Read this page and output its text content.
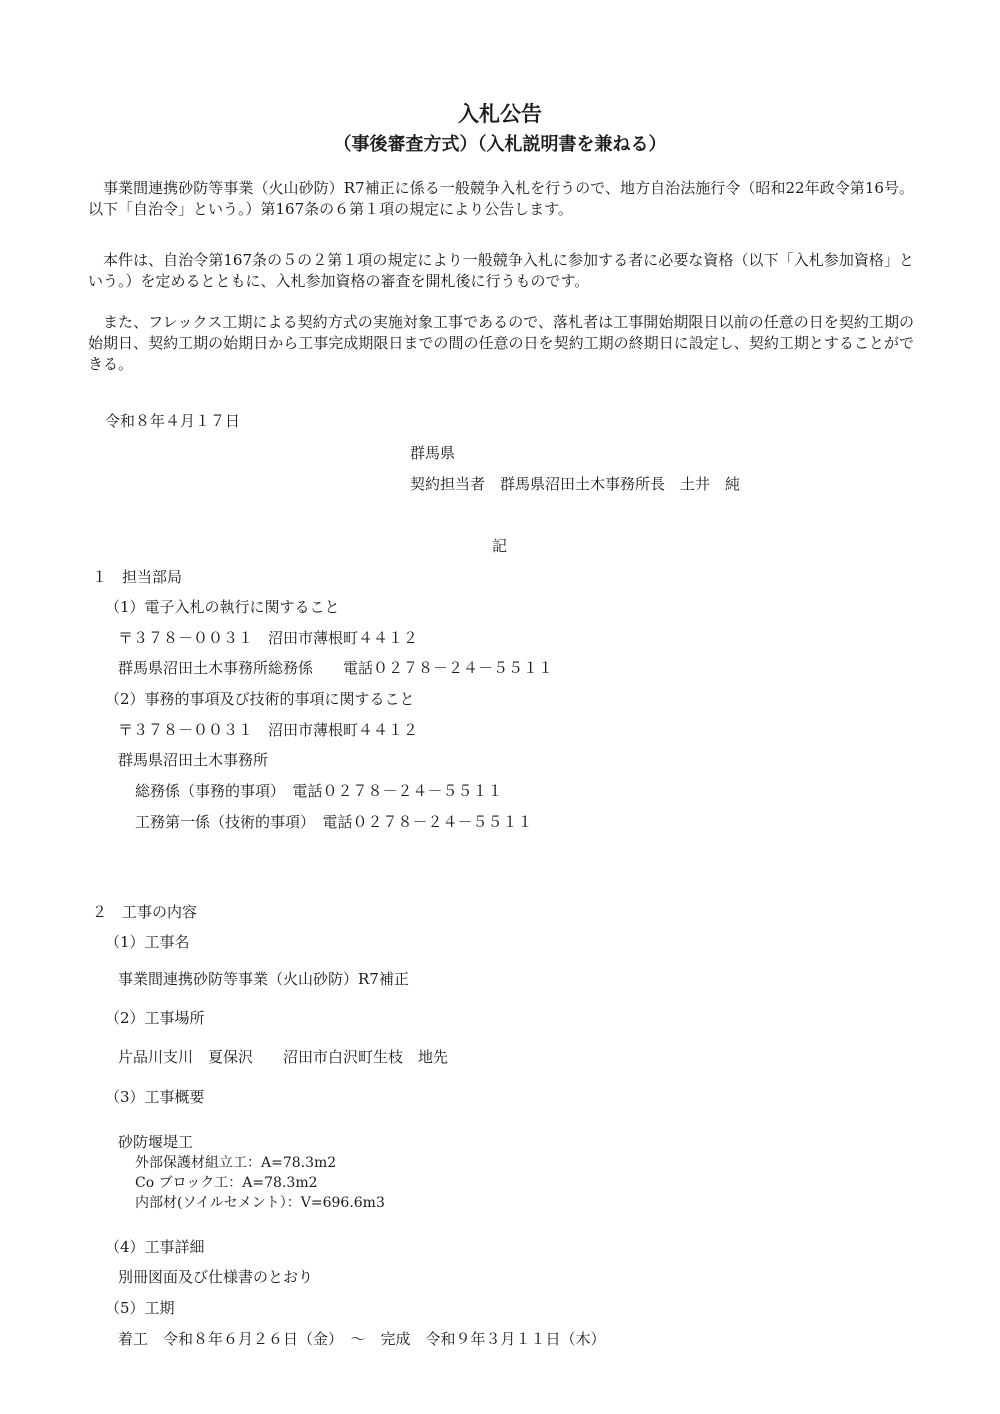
入札公告
（事後審査方式）（入札説明書を兼ねる）
事業間連携砂防等事業（火山砂防）R7補正に係る一般競争入札を行うので、地方自治法施行令（昭和22年政令第16号。以下「自治令」という。）第167条の６第１項の規定により公告します。
本件は、自治令第167条の５の２第１項の規定により一般競争入札に参加する者に必要な資格（以下「入札参加資格」という。）を定めるとともに、入札参加資格の審査を開札後に行うものです。
また、フレックス工期による契約方式の実施対象工事であるので、落札者は工事開始期限日以前の任意の日を契約工期の始期日、契約工期の始期日から工事完成期限日までの間の任意の日を契約工期の終期日に設定し、契約工期とすることができる。
令和８年４月１７日
群馬県
契約担当者　群馬県沼田土木事務所長　土井　純
記
１　担当部局
（1）電子入札の執行に関すること
〒３７８－００３１　沼田市薄根町４４１２
群馬県沼田土木事務所総務係　　電話０２７８－２４－５５１１
（2）事務的事項及び技術的事項に関すること
〒３７８－００３１　沼田市薄根町４４１２
群馬県沼田土木事務所
総務係（事務的事項）　電話０２７８－２４－５５１１
工務第一係（技術的事項）　電話０２７８－２４－５５１１
２　工事の内容
（1）工事名
事業間連携砂防等事業（火山砂防）R7補正
（2）工事場所
片品川支川　夏保沢　　沼田市白沢町生枝　地先
（3）工事概要
砂防堰堤工
外部保護材組立工：A=78.3m2
Co ブロック工：A=78.3m2
内部材(ソイルセメント）：V=696.6m3
（4）工事詳細
別冊図面及び仕様書のとおり
（5）工期
着工　令和８年６月２６日（金）　～　完成　令和９年３月１１日（木）
